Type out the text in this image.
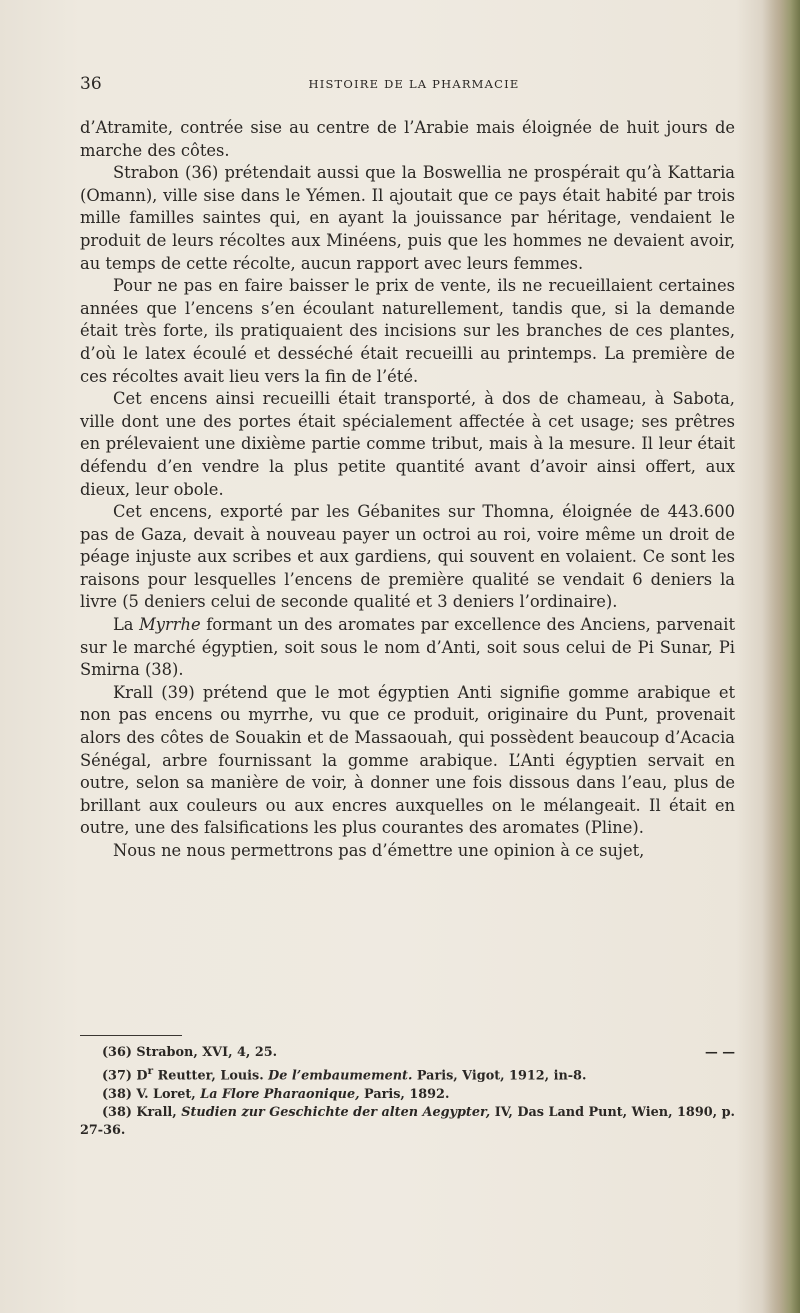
36	HISTOIRE DE LA PHARMACIE

d’Atramite, contrée sise au centre de l’Arabie mais éloignée de huit jours de marche des côtes.

Strabon (36) prétendait aussi que la Boswellia ne prospérait qu’à Kattaria (Omann), ville sise dans le Yémen. Il ajoutait que ce pays était habité par trois mille familles saintes qui, en ayant la jouissance par héritage, vendaient le produit de leurs récoltes aux Minéens, puis que les hommes ne devaient avoir, au temps de cette récolte, aucun rapport avec leurs femmes.

Pour ne pas en faire baisser le prix de vente, ils ne recueillaient certaines années que l’encens s’en écoulant naturellement, tandis que, si la demande était très forte, ils pratiquaient des incisions sur les branches de ces plantes, d’où le latex écoulé et desséché était recueilli au printemps. La première de ces récoltes avait lieu vers la fin de l’été.

Cet encens ainsi recueilli était transporté, à dos de chameau, à Sabota, ville dont une des portes était spécialement affectée à cet usage; ses prêtres en prélevaient une dixième partie comme tribut, mais à la mesure. Il leur était défendu d’en vendre la plus petite quantité avant d’avoir ainsi offert, aux dieux, leur obole.

Cet encens, exporté par les Gébanites sur Thomna, éloignée de 443.600 pas de Gaza, devait à nouveau payer un octroi au roi, voire même un droit de péage injuste aux scribes et aux gardiens, qui souvent en volaient. Ce sont les raisons pour lesquelles l’encens de première qualité se vendait 6 deniers la livre (5 deniers celui de seconde qualité et 3 deniers l’ordinaire).

La Myrrhe formant un des aromates par excellence des Anciens, parvenait sur le marché égyptien, soit sous le nom d’Anti, soit sous celui de Pi Sunar, Pi Smirna (38).

Krall (39) prétend que le mot égyptien Anti signifie gomme arabique et non pas encens ou myrrhe, vu que ce produit, originaire du Punt, provenait alors des côtes de Souakin et de Massaouah, qui possèdent beaucoup d’Acacia Sénégal, arbre fournissant la gomme arabique. L’Anti égyptien servait en outre, selon sa manière de voir, à donner une fois dissous dans l’eau, plus de brillant aux couleurs ou aux encres auxquelles on le mélangeait. Il était en outre, une des falsifications les plus courantes des aromates (Pline).

Nous ne nous permettrons pas d’émettre une opinion à ce sujet,

(36) Strabon, XVI, 4, 25.	— —

(37) $D^r$ Reutter, Louis. De l’embaumement. Paris, Vigot, 1912, in-8.

(38) V. Loret, La Flore Pharaonique, Paris, 1892.

(38) Krall, Studien zur Geschichte der alten Aegypter, IV, Das Land Punt, Wien, 1890, p. 27-36.
